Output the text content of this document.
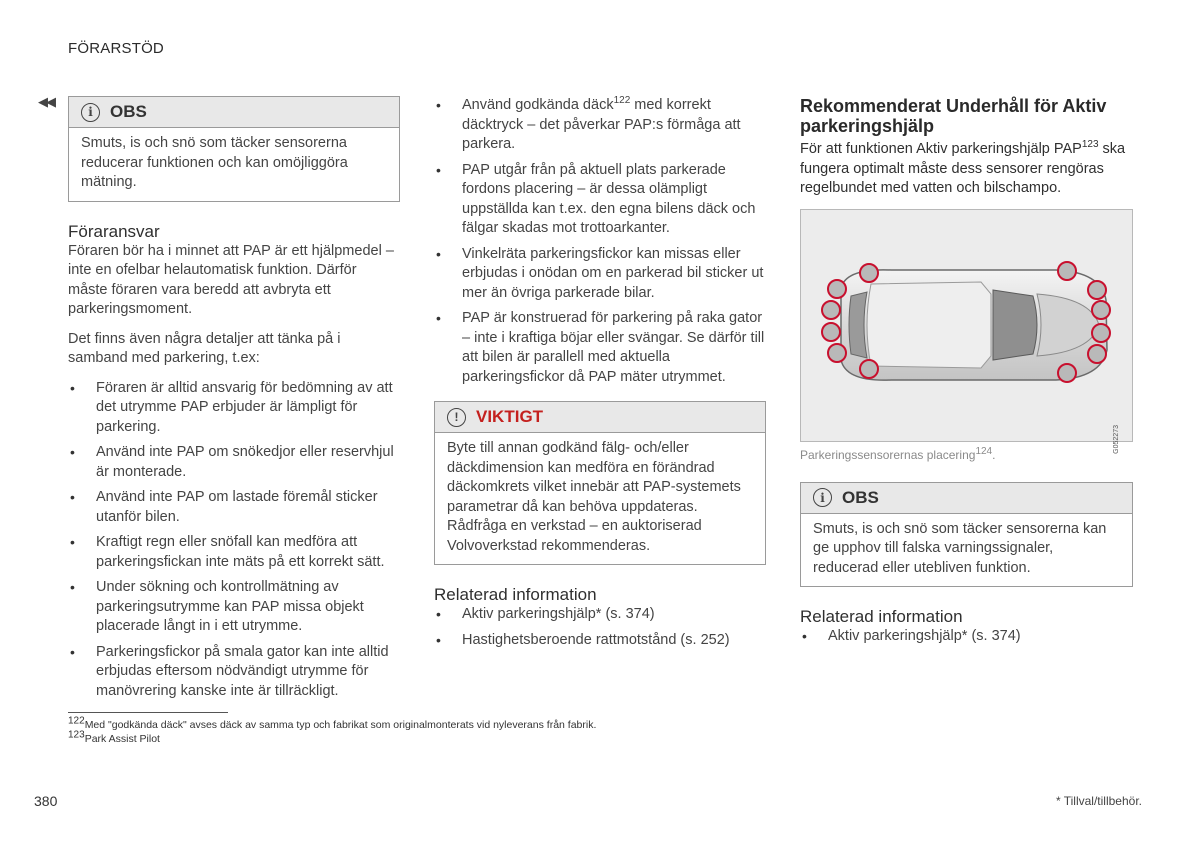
FÖRARSTÖD
◀◀
i	OBS
Smuts, is och snö som täcker sensorerna reducerar funktionen och kan omöjliggöra mätning.
Föraransvar

Föraren bör ha i minnet att PAP är ett hjälpmedel – inte en ofelbar helautomatisk funktion. Därför måste föraren vara beredd att avbryta ett parkeringsmoment.

Det finns även några detaljer att tänka på i samband med parkering, t.ex:

• Föraren är alltid ansvarig för bedömning av att det utrymme PAP erbjuder är lämpligt för parkering.
• Använd inte PAP om snökedjor eller reservhjul är monterade.
• Använd inte PAP om lastade föremål sticker utanför bilen.
• Kraftigt regn eller snöfall kan medföra att parkeringsfickan inte mäts på ett korrekt sätt.
• Under sökning och kontrollmätning av parkeringsutrymme kan PAP missa objekt placerade långt in i ett utrymme.
• Parkeringsfickor på smala gator kan inte alltid erbjudas eftersom nödvändigt utrymme för manövrering kanske inte är tillräckligt.
• Använd godkända däck$^{122}$ med korrekt däcktryck – det påverkar PAP:s förmåga att parkera.
• PAP utgår från på aktuell plats parkerade fordons placering – är dessa olämpligt uppställda kan t.ex. den egna bilens däck och fälgar skadas mot trottoarkanter.
• Vinkelräta parkeringsfickor kan missas eller erbjudas i onödan om en parkerad bil sticker ut mer än övriga parkerade bilar.
• PAP är konstruerad för parkering på raka gator – inte i kraftiga böjar eller svängar. Se därför till att bilen är parallell med aktuella parkeringsfickor då PAP mäter utrymmet.
!	VIKTIGT
Byte till annan godkänd fälg- och/eller däckdimension kan medföra en förändrad däckomkrets vilket innebär att PAP-systemets parametrar då kan behöva uppdateras. Rådfråga en verkstad – en auktoriserad Volvoverkstad rekommenderas.
Relaterad information
• Aktiv parkeringshjälp* (s. 374)
• Hastighetsberoende rattmotstånd (s. 252)
Rekommenderat Underhåll för Aktiv parkeringshjälp

För att funktionen Aktiv parkeringshjälp PAP$^{123}$ ska fungera optimalt måste dess sensorer rengöras regelbundet med vatten och bilschampo.

G052273
Parkeringssensorernas placering$^{124}$.
i	OBS
Smuts, is och snö som täcker sensorerna kan ge upphov till falska varningssignaler, reducerad eller utebliven funktion.
Relaterad information
• Aktiv parkeringshjälp* (s. 374)
$^{122}$Med "godkända däck" avses däck av samma typ och fabrikat som originalmonterats vid nyleverans från fabrik.
$^{123}$Park Assist Pilot
380	* Tillval/tillbehör.
